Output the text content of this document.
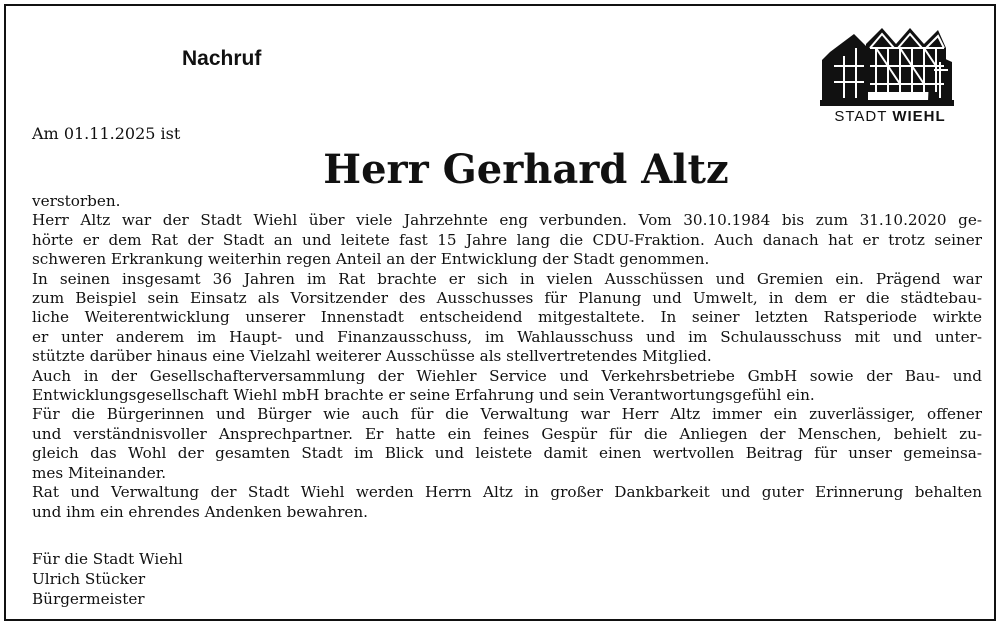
Nachruf
STADT WIEHL
Am 01.11.2025 ist
Herr Gerhard Altz
verstorben.
Herr Altz war der Stadt Wiehl über viele Jahrzehnte eng verbunden. Vom 30.10.1984 bis zum 31.10.2020 ge-
hörte er dem Rat der Stadt an und leitete fast 15 Jahre lang die CDU-Fraktion. Auch danach hat er trotz seiner
schweren Erkrankung weiterhin regen Anteil an der Entwicklung der Stadt genommen.
In seinen insgesamt 36 Jahren im Rat brachte er sich in vielen Ausschüssen und Gremien ein. Prägend war
zum Beispiel sein Einsatz als Vorsitzender des Ausschusses für Planung und Umwelt, in dem er die städtebau-
liche Weiterentwicklung unserer Innenstadt entscheidend mitgestaltete. In seiner letzten Ratsperiode wirkte
er unter anderem im Haupt- und Finanzausschuss, im Wahlausschuss und im Schulausschuss mit und unter-
stützte darüber hinaus eine Vielzahl weiterer Ausschüsse als stellvertretendes Mitglied.
Auch in der Gesellschafterversammlung der Wiehler Service und Verkehrsbetriebe GmbH sowie der Bau- und
Entwicklungsgesellschaft Wiehl mbH brachte er seine Erfahrung und sein Verantwortungsgefühl ein.
Für die Bürgerinnen und Bürger wie auch für die Verwaltung war Herr Altz immer ein zuverlässiger, offener
und verständnisvoller Ansprechpartner. Er hatte ein feines Gespür für die Anliegen der Menschen, behielt zu-
gleich das Wohl der gesamten Stadt im Blick und leistete damit einen wertvollen Beitrag für unser gemeinsa-
mes Miteinander.
Rat und Verwaltung der Stadt Wiehl werden Herrn Altz in großer Dankbarkeit und guter Erinnerung behalten
und ihm ein ehrendes Andenken bewahren.
Für die Stadt Wiehl
Ulrich Stücker
Bürgermeister
